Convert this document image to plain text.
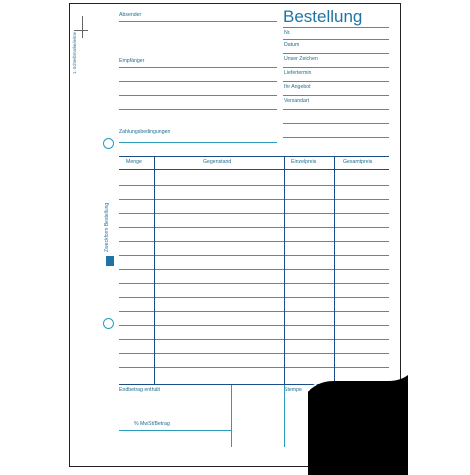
1. Schreibmarke/ierine
Zweckform Bestellung
Absender
Empfänger
Zahlungsbedingungen
Bestellung
Nr.
Datum
Unser Zeichen
Liefertermin
Ihr Angebot
Versandart
Menge	Gegenstand	Einzelpreis	Gesamtpreis
Endbetrag enthält	Stempe
% MwSt/Betrag
